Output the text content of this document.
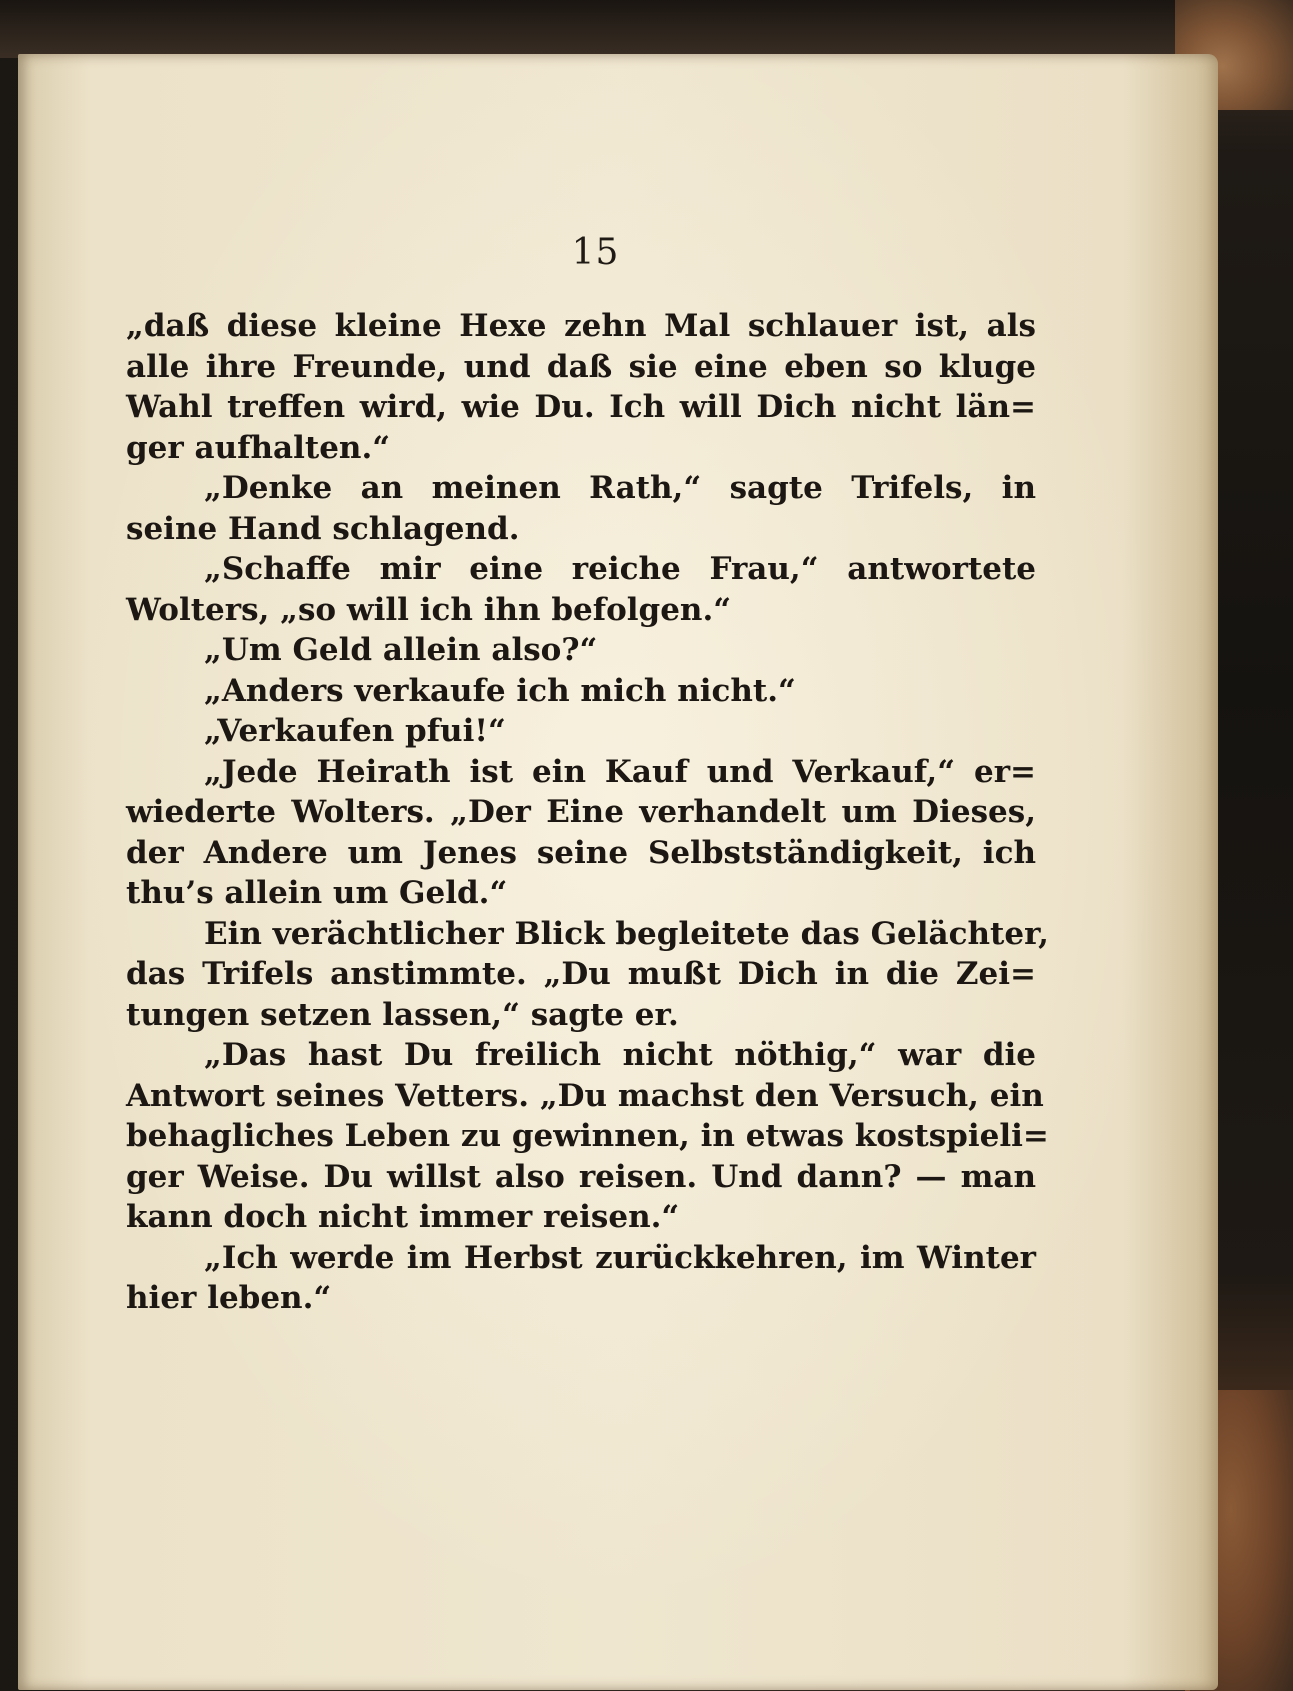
15
„daß diese kleine Hexe zehn Mal schlauer ist, als
alle ihre Freunde, und daß sie eine eben so kluge
Wahl treffen wird, wie Du. Ich will Dich nicht län=
ger aufhalten.“
„Denke an meinen Rath,“ sagte Trifels, in
seine Hand schlagend.
„Schaffe mir eine reiche Frau,“ antwortete
Wolters, „so will ich ihn befolgen.“
„Um Geld allein also?“
„Anders verkaufe ich mich nicht.“
„Verkaufen pfui!“
„Jede Heirath ist ein Kauf und Verkauf,“ er=
wiederte Wolters. „Der Eine verhandelt um Dieses,
der Andere um Jenes seine Selbstständigkeit, ich
thu’s allein um Geld.“
Ein verächtlicher Blick begleitete das Gelächter,
das Trifels anstimmte. „Du mußt Dich in die Zei=
tungen setzen lassen,“ sagte er.
„Das hast Du freilich nicht nöthig,“ war die
Antwort seines Vetters. „Du machst den Versuch, ein
behagliches Leben zu gewinnen, in etwas kostspieli=
ger Weise. Du willst also reisen. Und dann? — man
kann doch nicht immer reisen.“
„Ich werde im Herbst zurückkehren, im Winter
hier leben.“
